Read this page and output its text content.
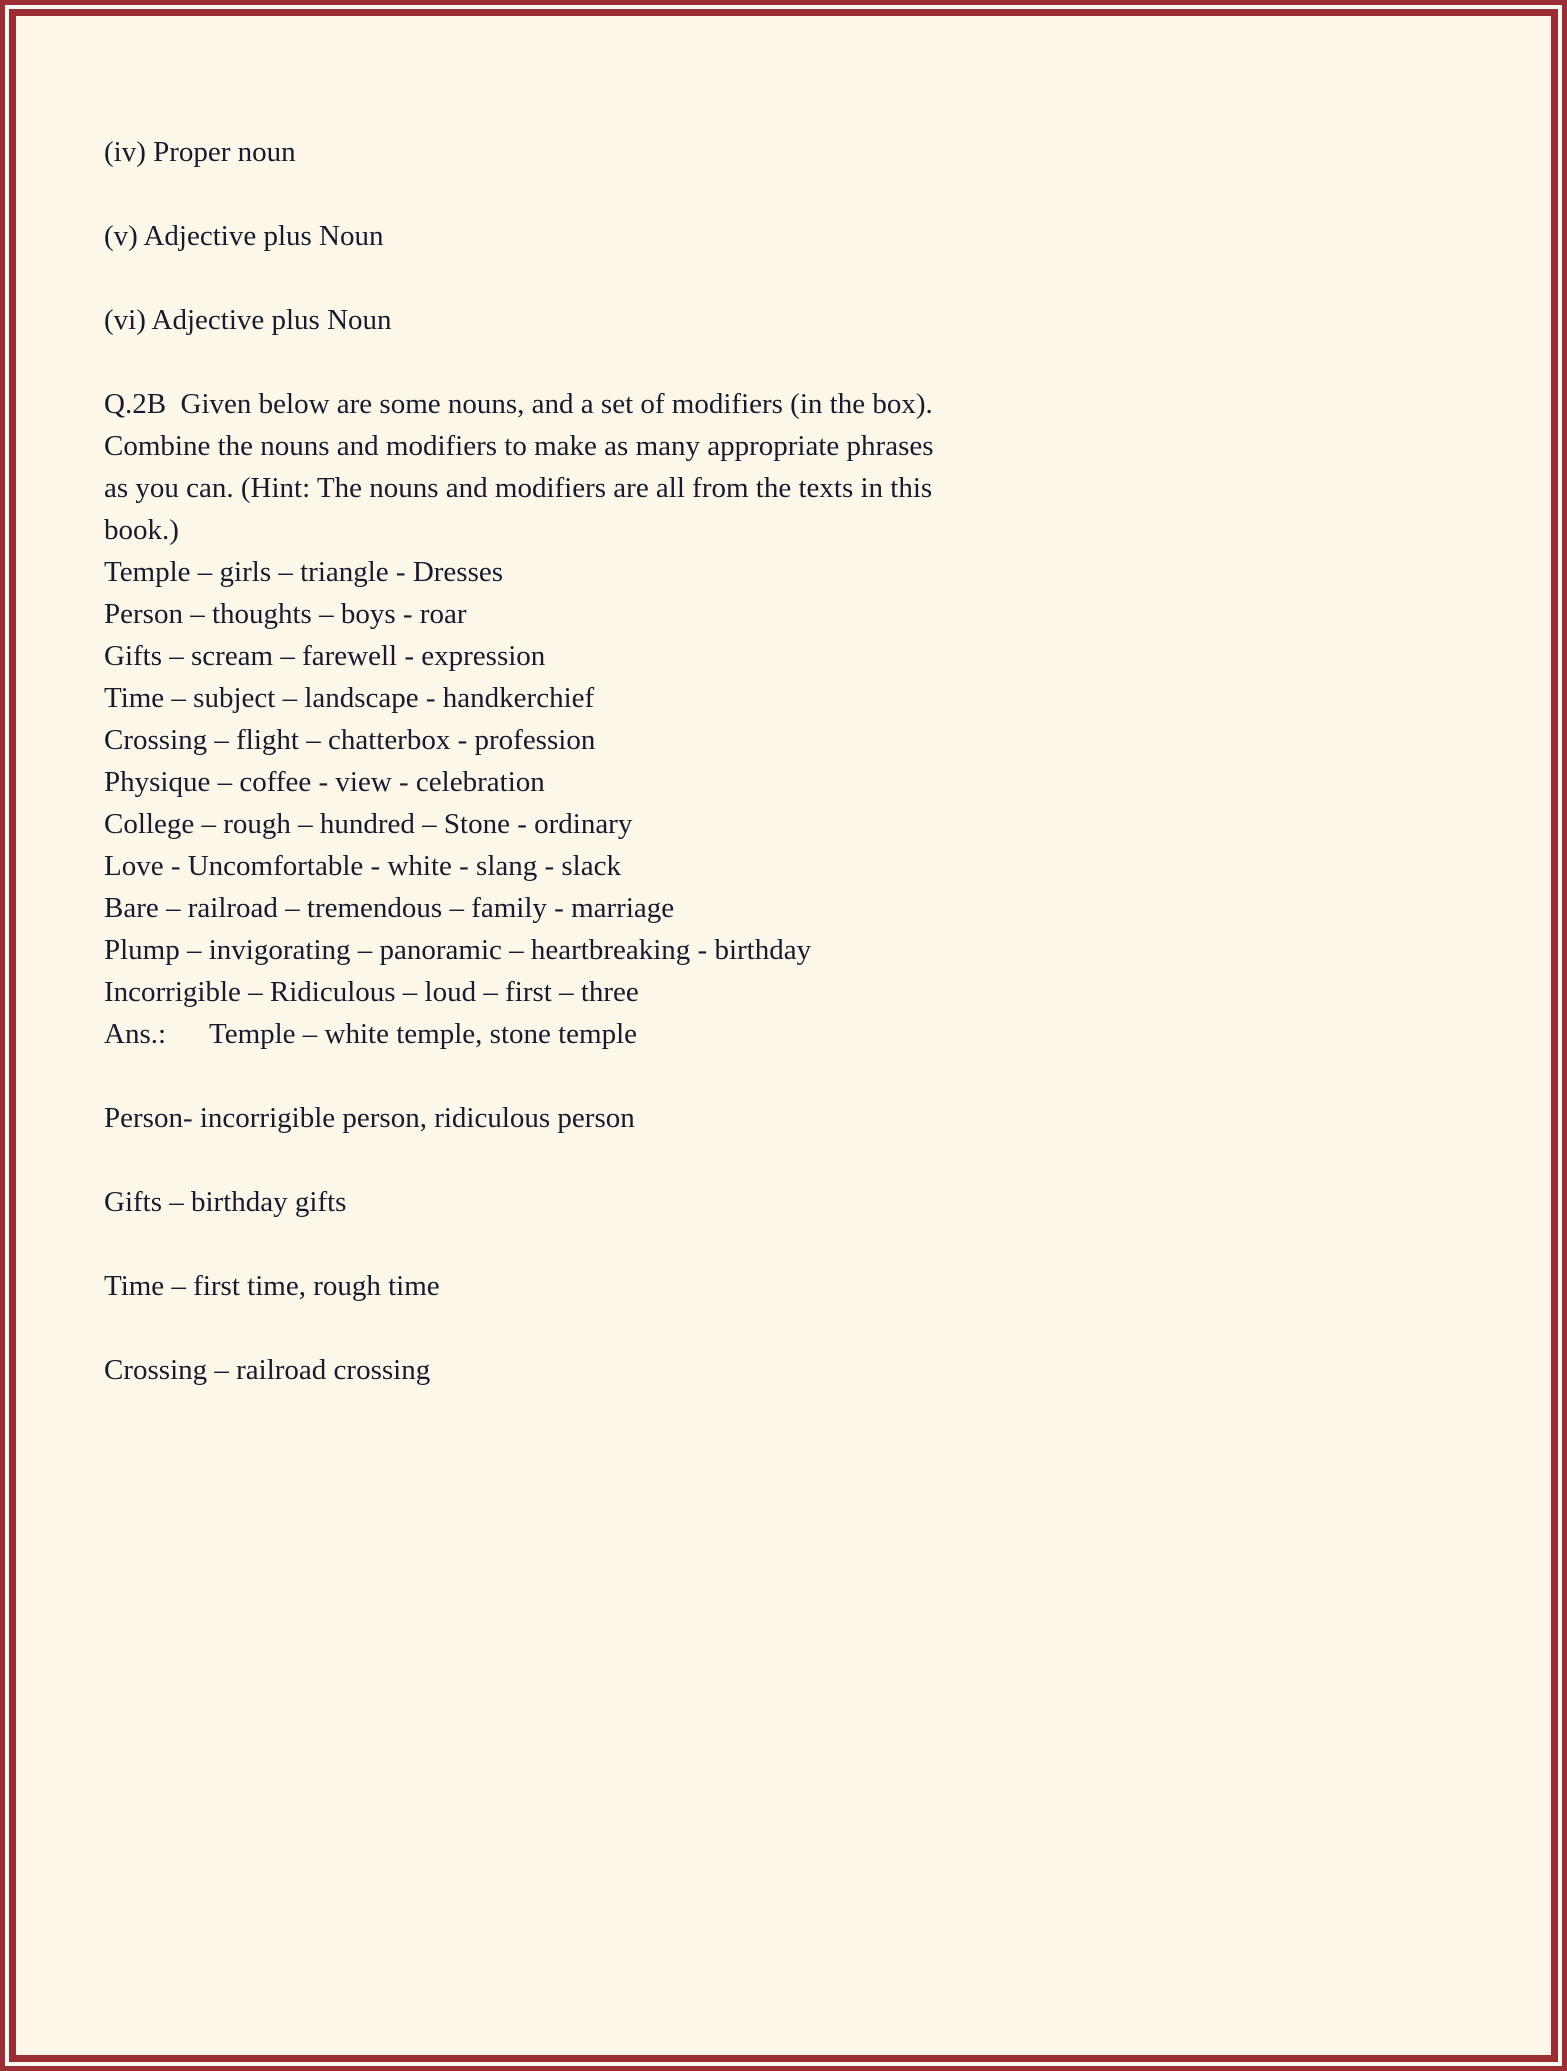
(iv) Proper noun
(v) Adjective plus Noun
(vi) Adjective plus Noun
Q.2B  Given below are some nouns, and a set of modifiers (in the box).
Combine the nouns and modifiers to make as many appropriate phrases
as you can. (Hint: The nouns and modifiers are all from the texts in this
book.)
Temple – girls – triangle - Dresses
Person – thoughts – boys - roar
Gifts – scream – farewell - expression
Time – subject – landscape - handkerchief
Crossing – flight – chatterbox - profession
Physique – coffee - view - celebration
College – rough – hundred – Stone - ordinary
Love - Uncomfortable - white - slang - slack
Bare – railroad – tremendous – family - marriage
Plump – invigorating – panoramic – heartbreaking - birthday
Incorrigible – Ridiculous – loud – first – three
Ans.:      Temple – white temple, stone temple
Person- incorrigible person, ridiculous person
Gifts – birthday gifts
Time – first time, rough time
Crossing – railroad crossing
